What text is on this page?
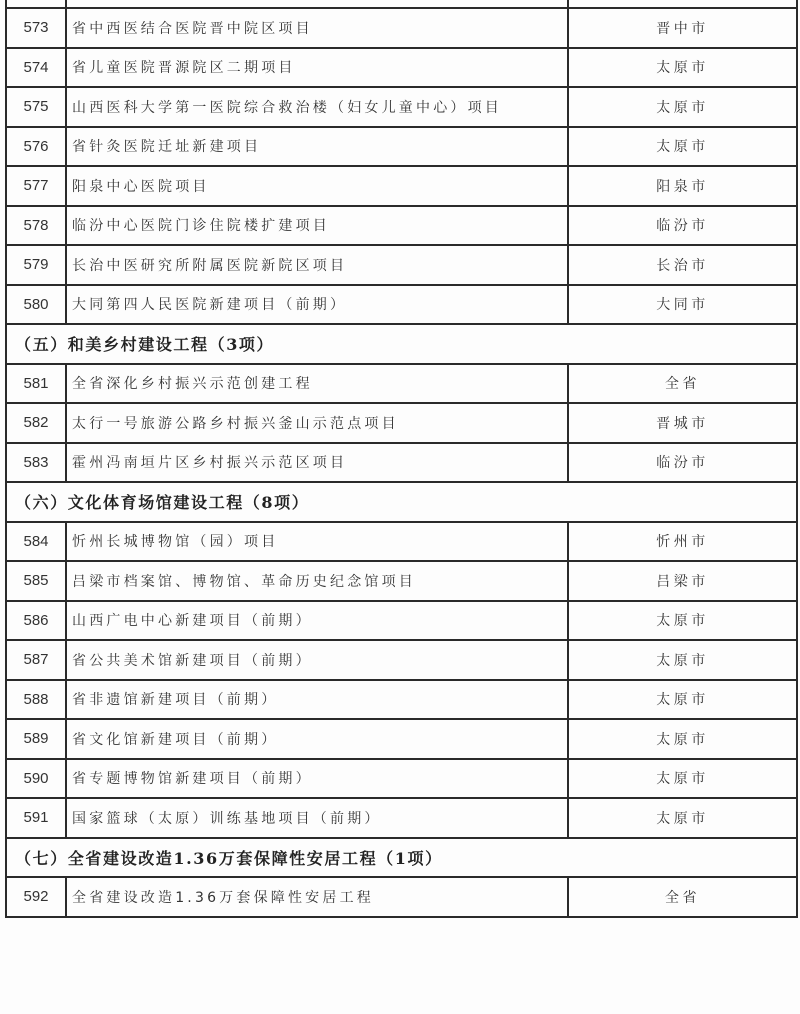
573	省中西医结合医院晋中院区项目	晋中市
574	省儿童医院晋源院区二期项目	太原市
575	山西医科大学第一医院综合救治楼（妇女儿童中心）项目	太原市
576	省针灸医院迁址新建项目	太原市
577	阳泉中心医院项目	阳泉市
578	临汾中心医院门诊住院楼扩建项目	临汾市
579	长治中医研究所附属医院新院区项目	长治市
580	大同第四人民医院新建项目（前期）	大同市
（五）和美乡村建设工程（3项）		
581	全省深化乡村振兴示范创建工程	全省
582	太行一号旅游公路乡村振兴釜山示范点项目	晋城市
583	霍州冯南垣片区乡村振兴示范区项目	临汾市
（六）文化体育场馆建设工程（8项）		
584	忻州长城博物馆（园）项目	忻州市
585	吕梁市档案馆、博物馆、革命历史纪念馆项目	吕梁市
586	山西广电中心新建项目（前期）	太原市
587	省公共美术馆新建项目（前期）	太原市
588	省非遗馆新建项目（前期）	太原市
589	省文化馆新建项目（前期）	太原市
590	省专题博物馆新建项目（前期）	太原市
591	国家篮球（太原）训练基地项目（前期）	太原市
（七）全省建设改造1.36万套保障性安居工程（1项）		
592	全省建设改造1.36万套保障性安居工程	全省
